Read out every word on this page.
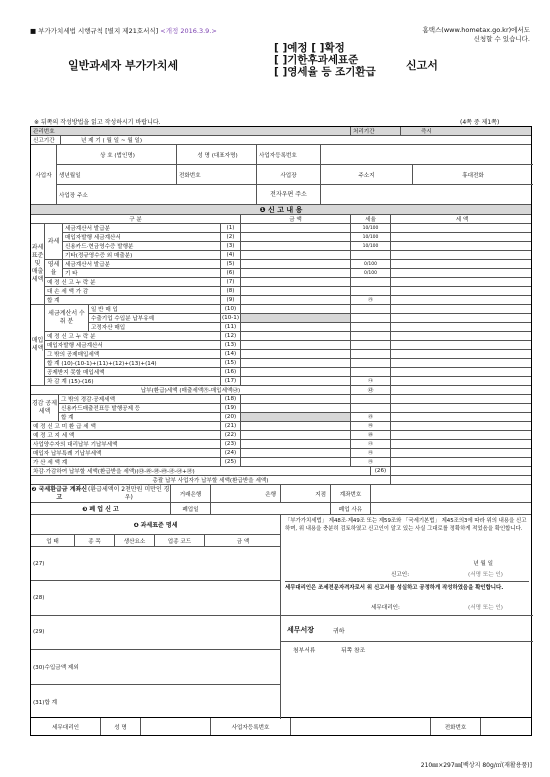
■ 부가가치세법 시행규칙 [별지 제21호서식] <개정 2016.3.9.>	홈택스(www.hometax.go.kr)에서도
신청할 수 있습니다.
일반과세자 부가가치세
[ ]예정 [ ]확정
[ ]기한후과세표준
[ ]영세율 등 조기환급	신고서
※ 뒤쪽의 작성방법을 읽고 작성하시기 바랍니다.	(4쪽 중 제1쪽)
관리번호	처리기간	즉시
신고기간	년 제 기 ( 월 일 ~ 월 일)
사업자
상 호 (법인명)	성 명 (대표자명)	사업자등록번호
생년월일	전화번호	사업장	주소지	휴대전화
사업장 주소	전자우편 주소
❶ 신 고 내 용
구 분	금 액	세율	세 액
세금계산서 발급분	(1)	10/100
매입자발행 세금계산서	(2)	10/100
신용카드·현금영수증 발행분	(3)	10/100
기타(정규영수증 외 매출분)	(4)
세금계산서 발급분	(5)	0/100
기 타	(6)	0/100
예 정 신 고 누 락 분	(7)
대 손 세 액 가 감	(8)
합 계	(9)	㉮
과세 표준 및 매출 세액
과세
영세율
일 반 매 입	(10)
수출기업 수입분 납부유예	(10-1)
고정자산 매입	(11)
예 정 신 고 누 락 분	(12)
매입자발행 세금계산서	(13)
그 밖의 공제매입세액	(14)
합 계 (10)-(10-1)+(11)+(12)+(13)+(14)	(15)
공제받지 못할 매입세액	(16)
차 감 계 (15)-(16)	(17)	㉯
매입 세액
세금계산서 수 취 분
납부(환급)세액 (매출세액㉮-매입세액㉯)	㉰
그 밖의 경감·공제세액	(18)
신용카드매출전표등 발행공제 등	(19)
합 계	(20)	㉱
경감 공제 세액
예 정 신 고 미 환 급 세 액	(21)	㉲
예 정 고 지 세 액	(22)	㉳
사업양수자의 대리납부 기납부세액	(23)	㉴
매입자 납부특례 기납부세액	(24)	㉵
가 산 세 액 계	(25)	㉶
차감·가감하여 납부할 세액(환급받을 세액)(㉰-㉱-㉲-㉳-㉴-㉵+㉶)	(26)
총괄 납부 사업자가 납부할 세액(환급받을 세액)
❷ 국세환급금 계좌신고
(환급세액이 2천만원 미만인 경우)	거래은행	은행	지점	계좌번호
❸ 폐 업 신 고	폐업일	폐업 사유
❹ 과세표준 명세
업 태	종 목	생산요소	업종 코드	금 액
(27)
(28)
(29)
(30)수입금액 제외
(31)합 계
「부가가치세법」 제48조·제49조 또는 제59조와 「국세기본법」 제45조의3에 따라 위의 내용을 신고하며, 위 내용을 충분히 검토하였고 신고인이 알고 있는 사실 그대로를 정확하게 적었음을 확인합니다.
년 월 일
신고인:	(서명 또는 인)
세무대리인은 조세전문자격자로서 위 신고서를 성실하고 공정하게 작성하였음을 확인합니다.
세무대리인:	(서명 또는 인)
세무서장	귀하
첨부서류	뒤쪽 참조
세무대리인	성 명	사업자등록번호	전화번호
210㎜×297㎜[백상지 80g/㎡(재활용품)]
